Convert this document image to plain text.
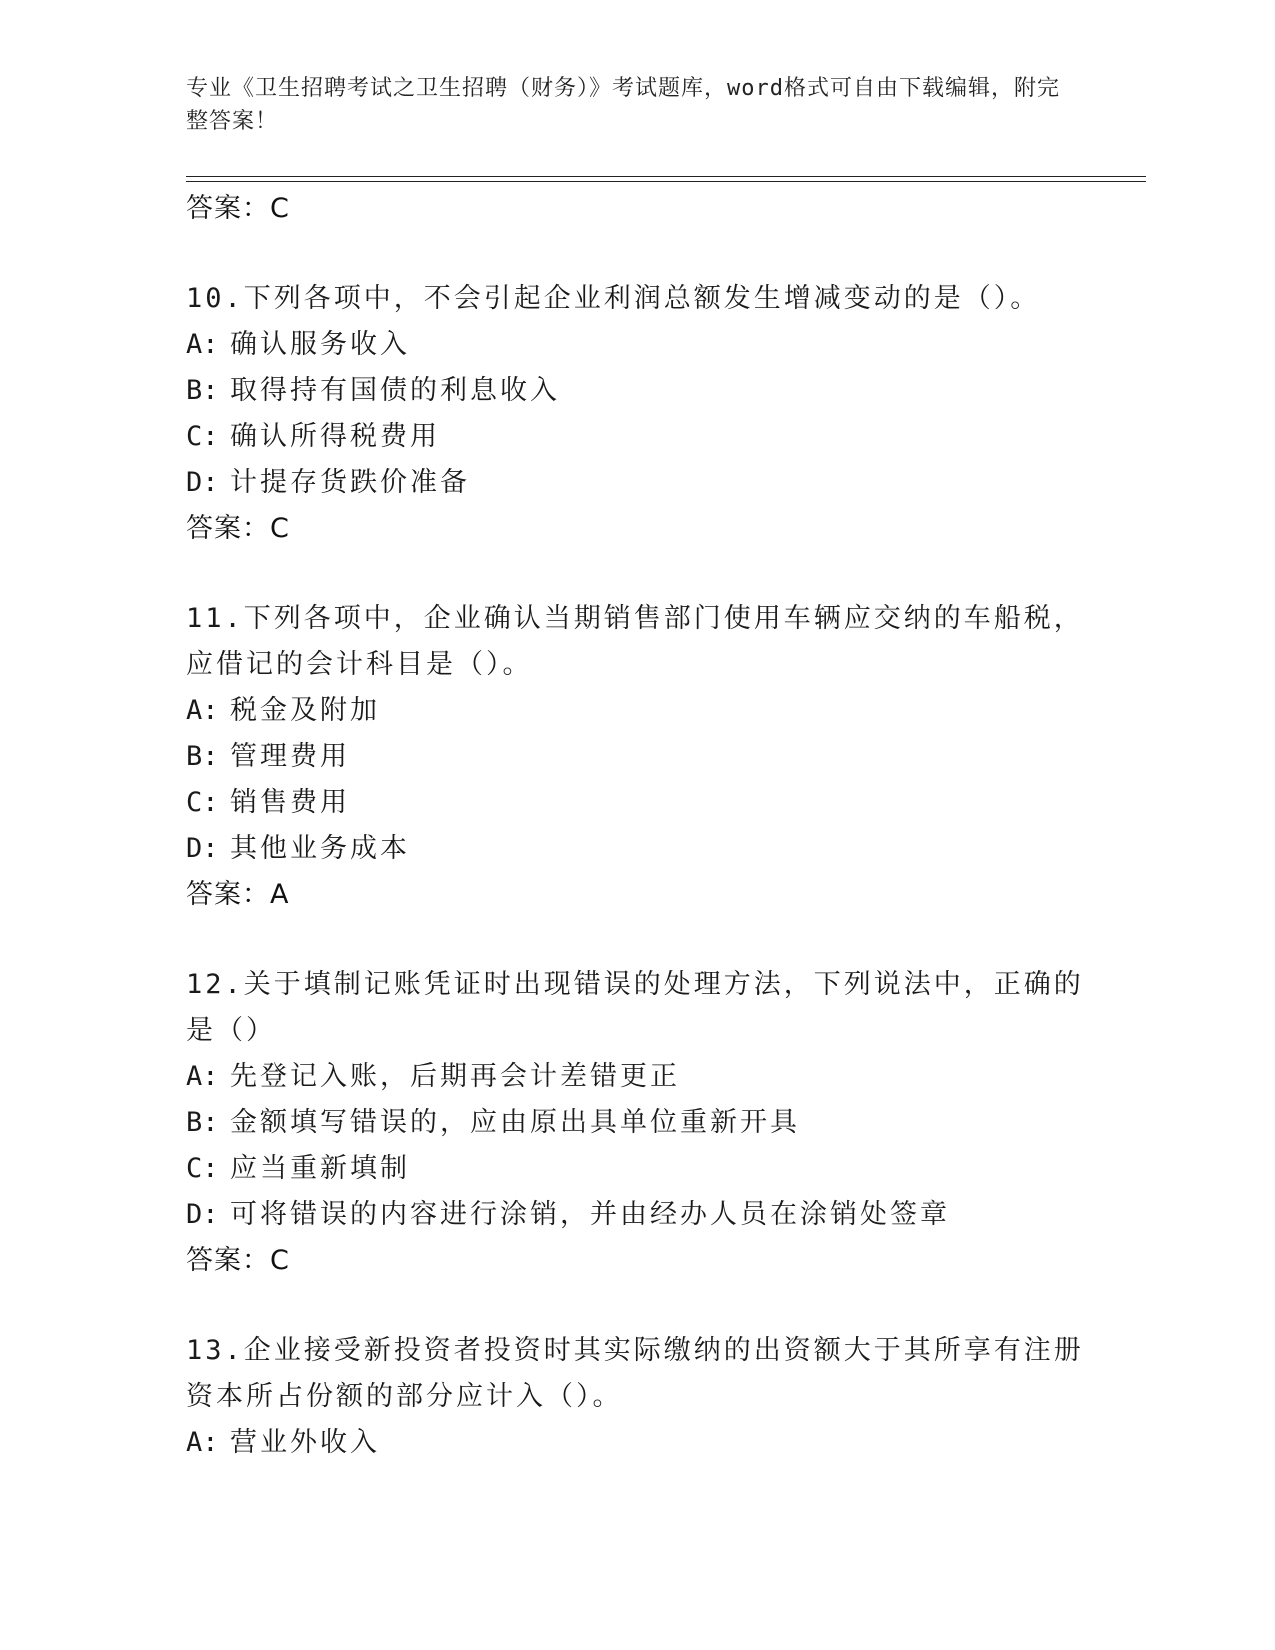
专业《卫生招聘考试之卫生招聘（财务）》考试题库，word格式可自由下载编辑，附完整答案！
答案：C
10.下列各项中，不会引起企业利润总额发生增减变动的是（）。
A: 确认服务收入
B: 取得持有国债的利息收入
C: 确认所得税费用
D: 计提存货跌价准备
答案：C
11.下列各项中，企业确认当期销售部门使用车辆应交纳的车船税，应借记的会计科目是（）。
A: 税金及附加
B: 管理费用
C: 销售费用
D: 其他业务成本
答案：A
12.关于填制记账凭证时出现错误的处理方法，下列说法中，正确的是（）
A: 先登记入账，后期再会计差错更正
B: 金额填写错误的，应由原出具单位重新开具
C: 应当重新填制
D: 可将错误的内容进行涂销，并由经办人员在涂销处签章
答案：C
13.企业接受新投资者投资时其实际缴纳的出资额大于其所享有注册资本所占份额的部分应计入（）。
A: 营业外收入
